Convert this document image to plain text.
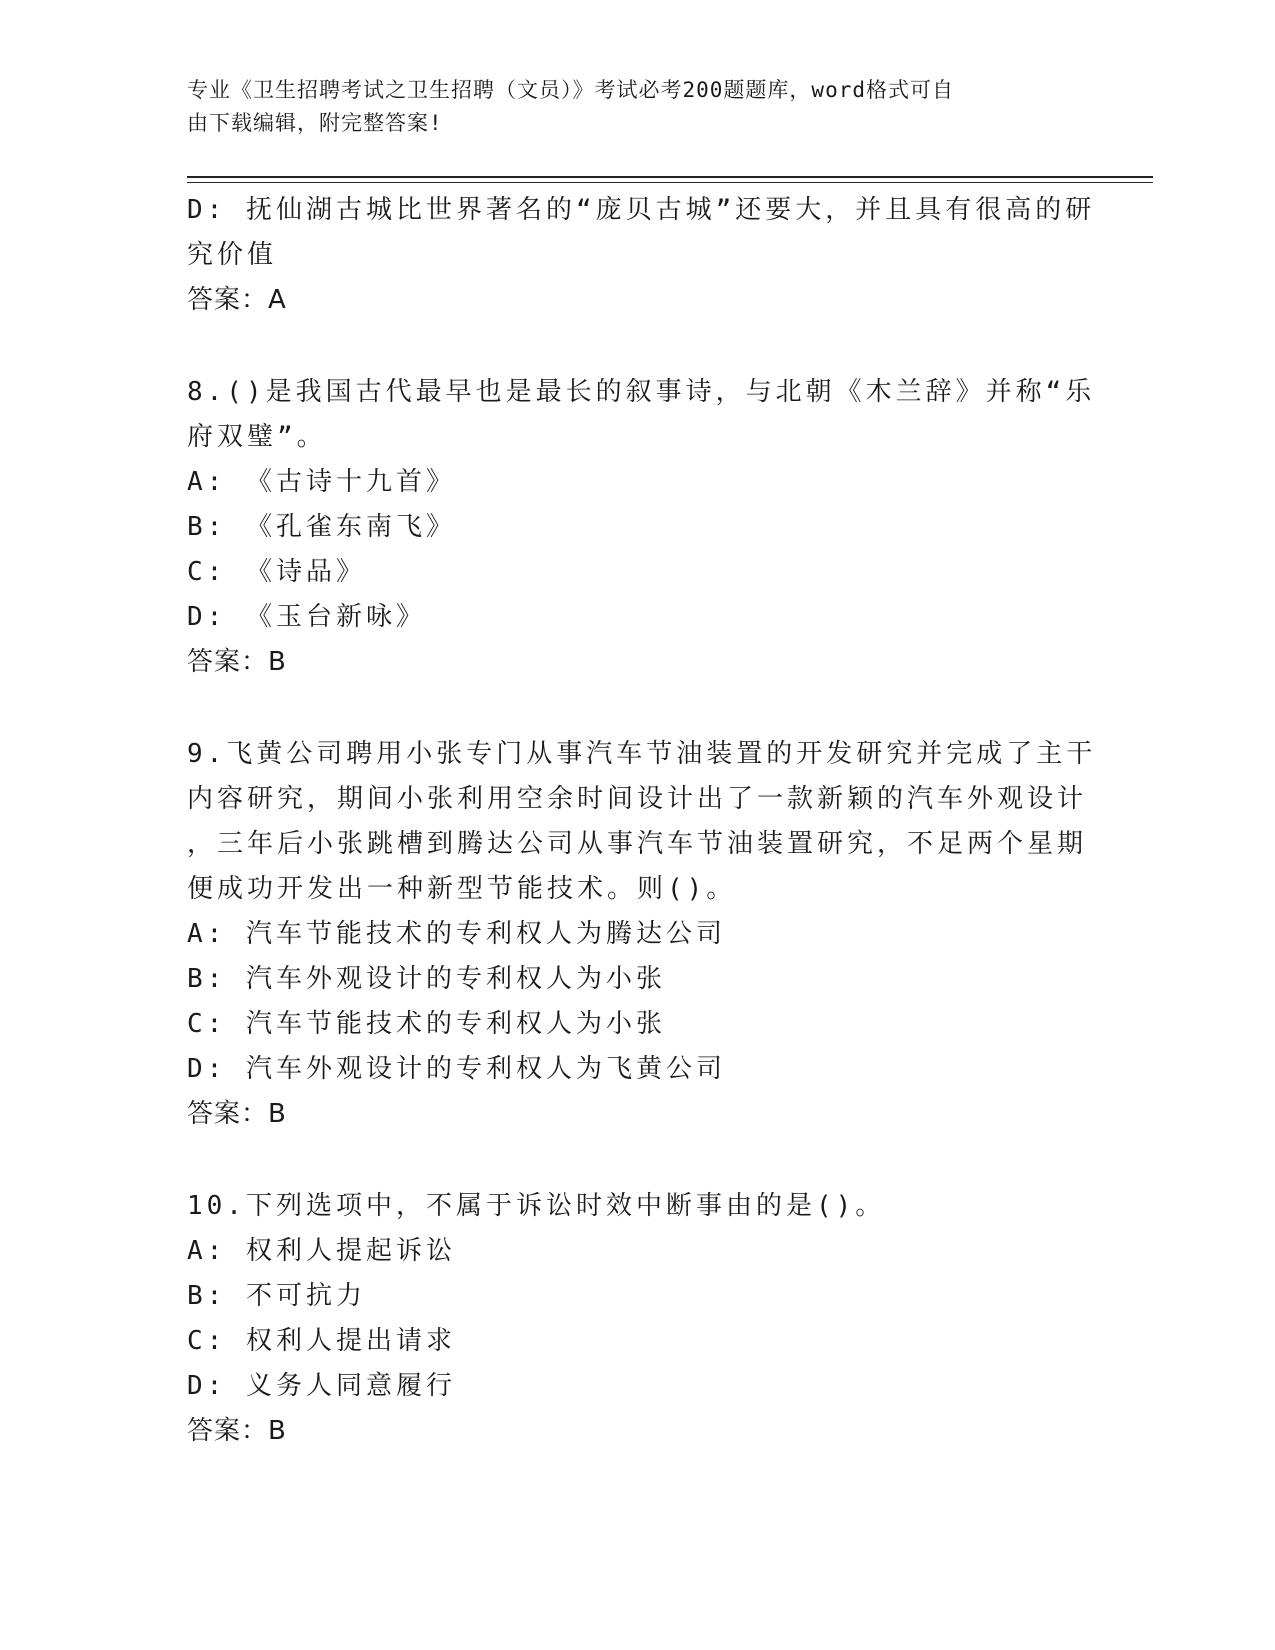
专业《卫生招聘考试之卫生招聘（文员）》考试必考200题题库，word格式可自
由下载编辑，附完整答案!
D: 抚仙湖古城比世界著名的“庞贝古城”还要大，并且具有很高的研
究价值
答案：A
8.()是我国古代最早也是最长的叙事诗，与北朝《木兰辞》并称“乐
府双璧”。
A: 《古诗十九首》
B: 《孔雀东南飞》
C: 《诗品》
D: 《玉台新咏》
答案：B
9.飞黄公司聘用小张专门从事汽车节油装置的开发研究并完成了主干
内容研究，期间小张利用空余时间设计出了一款新颖的汽车外观设计
，三年后小张跳槽到腾达公司从事汽车节油装置研究，不足两个星期
便成功开发出一种新型节能技术。则()。
A: 汽车节能技术的专利权人为腾达公司
B: 汽车外观设计的专利权人为小张
C: 汽车节能技术的专利权人为小张
D: 汽车外观设计的专利权人为飞黄公司
答案：B
10.下列选项中，不属于诉讼时效中断事由的是()。
A: 权利人提起诉讼
B: 不可抗力
C: 权利人提出请求
D: 义务人同意履行
答案：B
